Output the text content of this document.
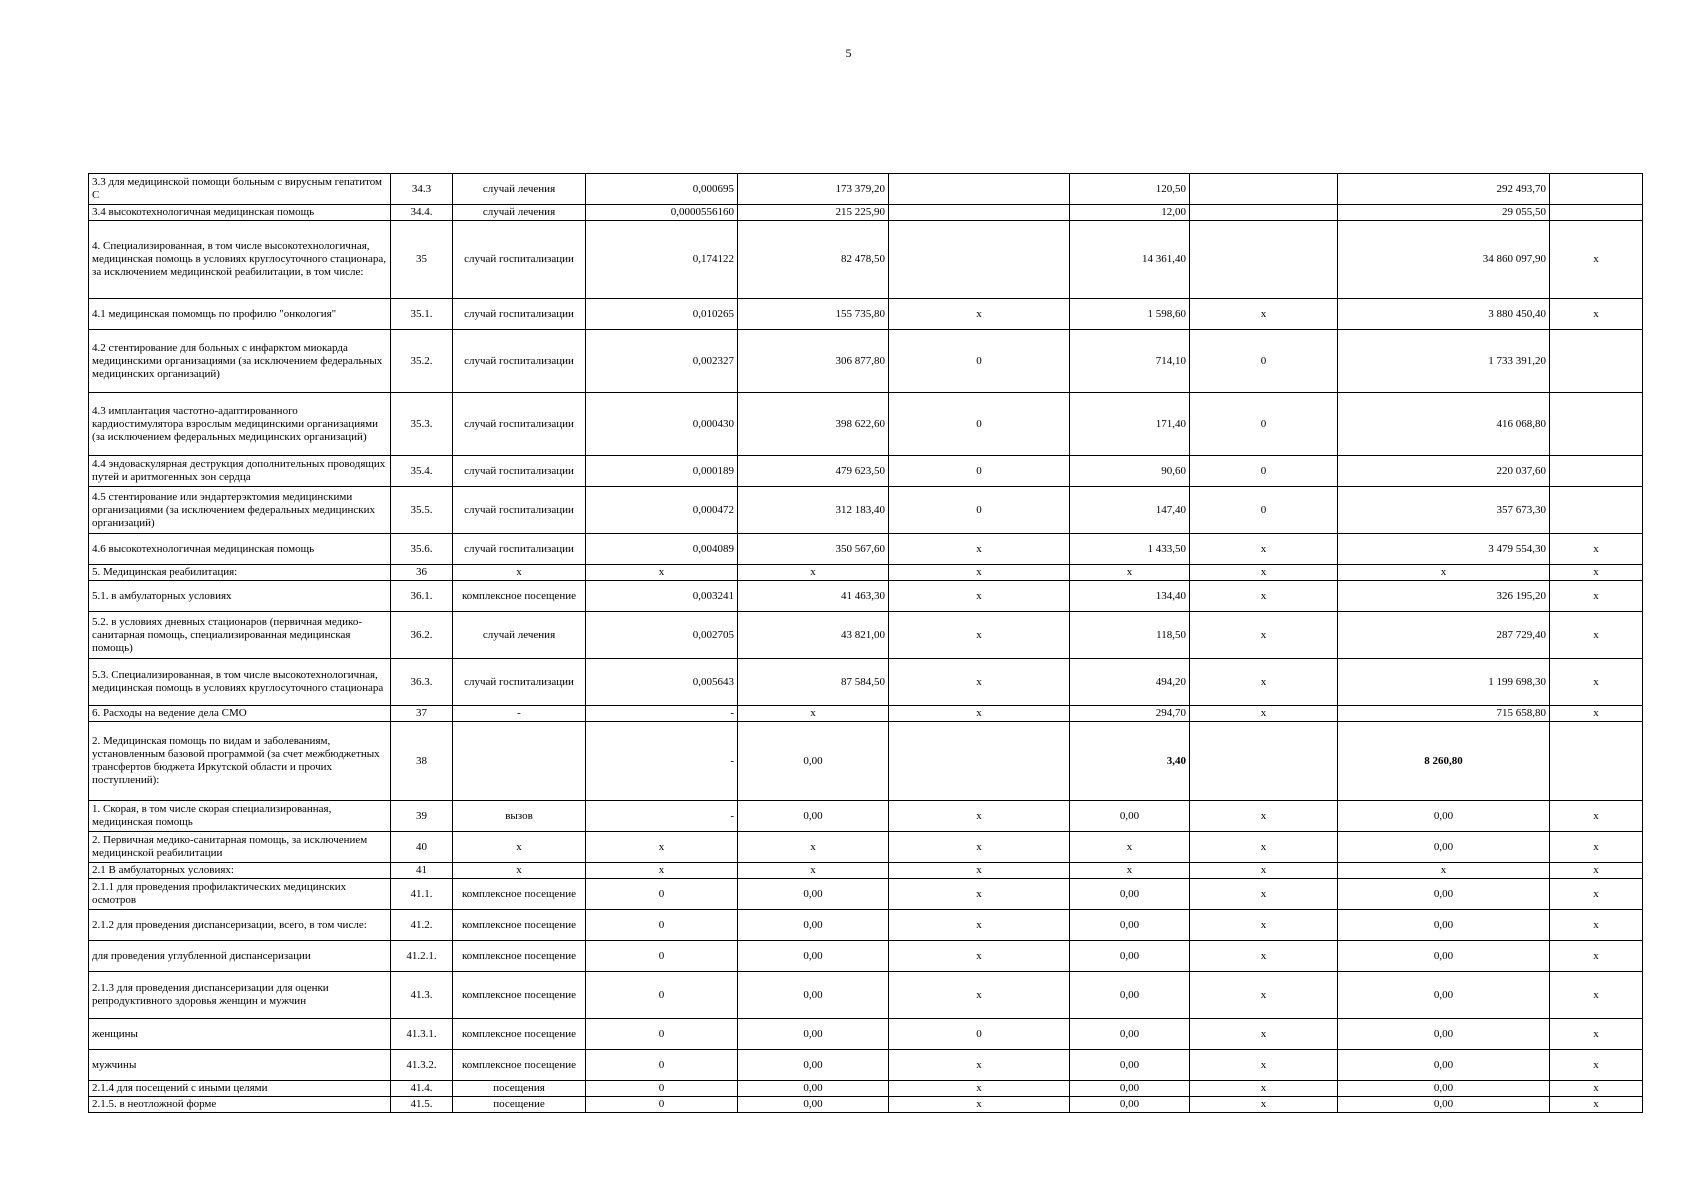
5
3.3 для медицинской помощи больным с вирусным гепатитом С	34.3	случай лечения	0,000695	173 379,20		120,50		292 493,70	
3.4 высокотехнологичная медицинская помощь	34.4.	случай лечения	0,0000556160	215 225,90		12,00		29 055,50	
4. Специализированная, в том числе высокотехнологичная, медицинская помощь в условиях круглосуточного стационара, за исключением медицинской реабилитации, в том числе:	35	случай госпитализации	0,174122	82 478,50		14 361,40		34 860 097,90	x
4.1 медицинская помомщь по профилю "онкология"	35.1.	случай госпитализации	0,010265	155 735,80	x	1 598,60	x	3 880 450,40	x
4.2 стентирование для больных с инфарктом миокарда медицинскими организациями (за исключением федеральных медицинских организаций)	35.2.	случай госпитализации	0,002327	306 877,80	0	714,10	0	1 733 391,20	
4.3 имплантация частотно-адаптированного кардиостимулятора взрослым медицинскими организациями (за исключением федеральных медицинских организаций)	35.3.	случай госпитализации	0,000430	398 622,60	0	171,40	0	416 068,80	
4.4 эндоваскулярная деструкция дополнительных проводящих путей и аритмогенных зон сердца	35.4.	случай госпитализации	0,000189	479 623,50	0	90,60	0	220 037,60	
4.5 стентирование или эндартерэктомия медицинскими организациями (за исключением федеральных медицинских организаций)	35.5.	случай госпитализации	0,000472	312 183,40	0	147,40	0	357 673,30	
4.6 высокотехнологичная медицинская помощь	35.6.	случай госпитализации	0,004089	350 567,60	x	1 433,50	x	3 479 554,30	x
5. Медицинская реабилитация:	36	x	x	x	x	x	x	x	x
5.1. в амбулаторных условиях	36.1.	комплексное посещение	0,003241	41 463,30	x	134,40	x	326 195,20	x
5.2. в условиях дневных стационаров (первичная медико-санитарная помощь, специализированная медицинская помощь)	36.2.	случай лечения	0,002705	43 821,00	x	118,50	x	287 729,40	x
5.3. Специализированная, в том числе высокотехнологичная, медицинская помощь в условиях круглосуточного стационара	36.3.	случай госпитализации	0,005643	87 584,50	x	494,20	x	1 199 698,30	x
6. Расходы на ведение дела СМО	37	-	-	x	x	294,70	x	715 658,80	x
2. Медицинская помощь по видам и заболеваниям, установленным базовой программой (за счет межбюджетных трансфертов бюджета Иркутской области и прочих поступлений):	38		-	0,00		3,40		8 260,80	
1. Скорая, в том числе скорая специализированная, медицинская помощь	39	вызов	-	0,00	x	0,00	x	0,00	x
2. Первичная медико-санитарная помощь, за исключением медицинской реабилитации	40	x	x	x	x	x	x	0,00	x
2.1 В амбулаторных условиях:	41	x	x	x	x	x	x	x	x
2.1.1 для проведения профилактических медицинских осмотров	41.1.	комплексное посещение	0	0,00	x	0,00	x	0,00	x
2.1.2 для проведения диспансеризации, всего, в том числе:	41.2.	комплексное посещение	0	0,00	x	0,00	x	0,00	x
для проведения углубленной диспансеризации	41.2.1.	комплексное посещение	0	0,00	x	0,00	x	0,00	x
2.1.3 для проведения диспансеризации для оценки репродуктивного здоровья женщин и мужчин	41.3.	комплексное посещение	0	0,00	x	0,00	x	0,00	x
женщины	41.3.1.	комплексное посещение	0	0,00	0	0,00	x	0,00	x
мужчины	41.3.2.	комплексное посещение	0	0,00	x	0,00	x	0,00	x
2.1.4 для посещений с иными целями	41.4.	посещения	0	0,00	x	0,00	x	0,00	x
2.1.5. в неотложной форме	41.5.	посещение	0	0,00	x	0,00	x	0,00	x
